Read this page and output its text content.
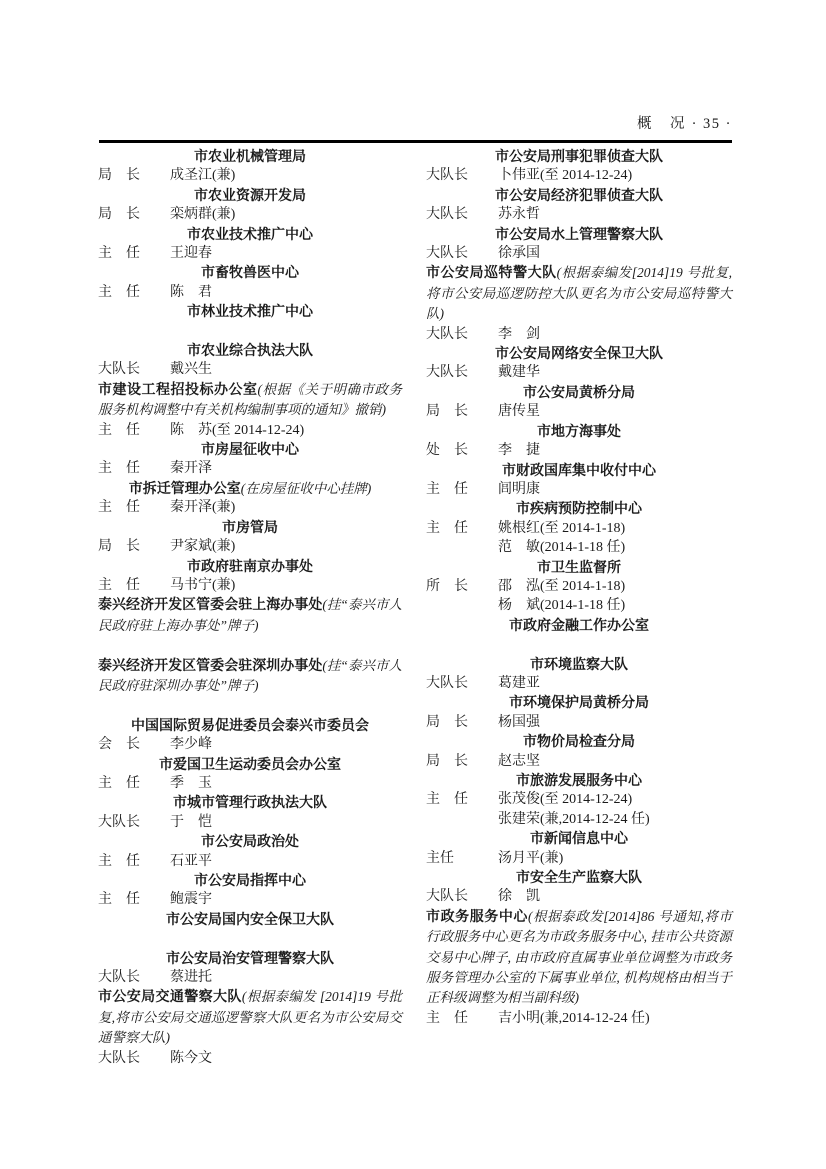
概　况 · 35 ·
市农业机械管理局
局　长 成圣江(兼)
市农业资源开发局
局　长 栾炳群(兼)
市农业技术推广中心
主　任 王迎春
市畜牧兽医中心
主　任 陈　君
市林业技术推广中心
市农业综合执法大队
大队长 戴兴生
市建设工程招投标办公室(根据《关于明确市政务服务机构调整中有关机构编制事项的通知》撤销)
主　任 陈　苏(至 2014-12-24)
市房屋征收中心
主　任 秦开泽
市拆迁管理办公室(在房屋征收中心挂牌)
主　任 秦开泽(兼)
市房管局
局　长 尹家斌(兼)
市政府驻南京办事处
主　任 马书宁(兼)
泰兴经济开发区管委会驻上海办事处(挂“泰兴市人民政府驻上海办事处”牌子)
泰兴经济开发区管委会驻深圳办事处(挂“泰兴市人民政府驻深圳办事处”牌子)
中国国际贸易促进委员会泰兴市委员会
会　长 李少峰
市爱国卫生运动委员会办公室
主　任 季　玉
市城市管理行政执法大队
大队长 于　恺
市公安局政治处
主　任 石亚平
市公安局指挥中心
主　任 鲍震宇
市公安局国内安全保卫大队
市公安局治安管理警察大队
大队长 蔡进托
市公安局交通警察大队(根据泰编发 [2014]19 号批复,将市公安局交通巡逻警察大队更名为市公安局交通警察大队)
大队长 陈今文
市公安局刑事犯罪侦查大队
大队长 卜伟亚(至 2014-12-24)
市公安局经济犯罪侦查大队
大队长 苏永哲
市公安局水上管理警察大队
大队长 徐承国
市公安局巡特警大队(根据泰编发[2014]19 号批复,将市公安局巡逻防控大队更名为市公安局巡特警大队)
大队长 李　剑
市公安局网络安全保卫大队
大队长 戴建华
市公安局黄桥分局
局　长 唐传星
市地方海事处
处　长 李　捷
市财政国库集中收付中心
主　任 闾明康
市疾病预防控制中心
主　任 姚根红(至 2014-1-18)
范　敏(2014-1-18 任)
市卫生监督所
所　长 邵　泓(至 2014-1-18)
杨　斌(2014-1-18 任)
市政府金融工作办公室
市环境监察大队
大队长 葛建亚
市环境保护局黄桥分局
局　长 杨国强
市物价局检查分局
局　长 赵志坚
市旅游发展服务中心
主　任 张茂俊(至 2014-12-24)
张建荣(兼,2014-12-24 任)
市新闻信息中心
主任	汤月平(兼)
市安全生产监察大队
大队长 徐　凯
市政务服务中心(根据泰政发[2014]86 号通知,将市行政服务中心更名为市政务服务中心, 挂市公共资源交易中心牌子, 由市政府直属事业单位调整为市政务服务管理办公室的下属事业单位, 机构规格由相当于正科级调整为相当副科级)
主　任 吉小明(兼,2014-12-24 任)
